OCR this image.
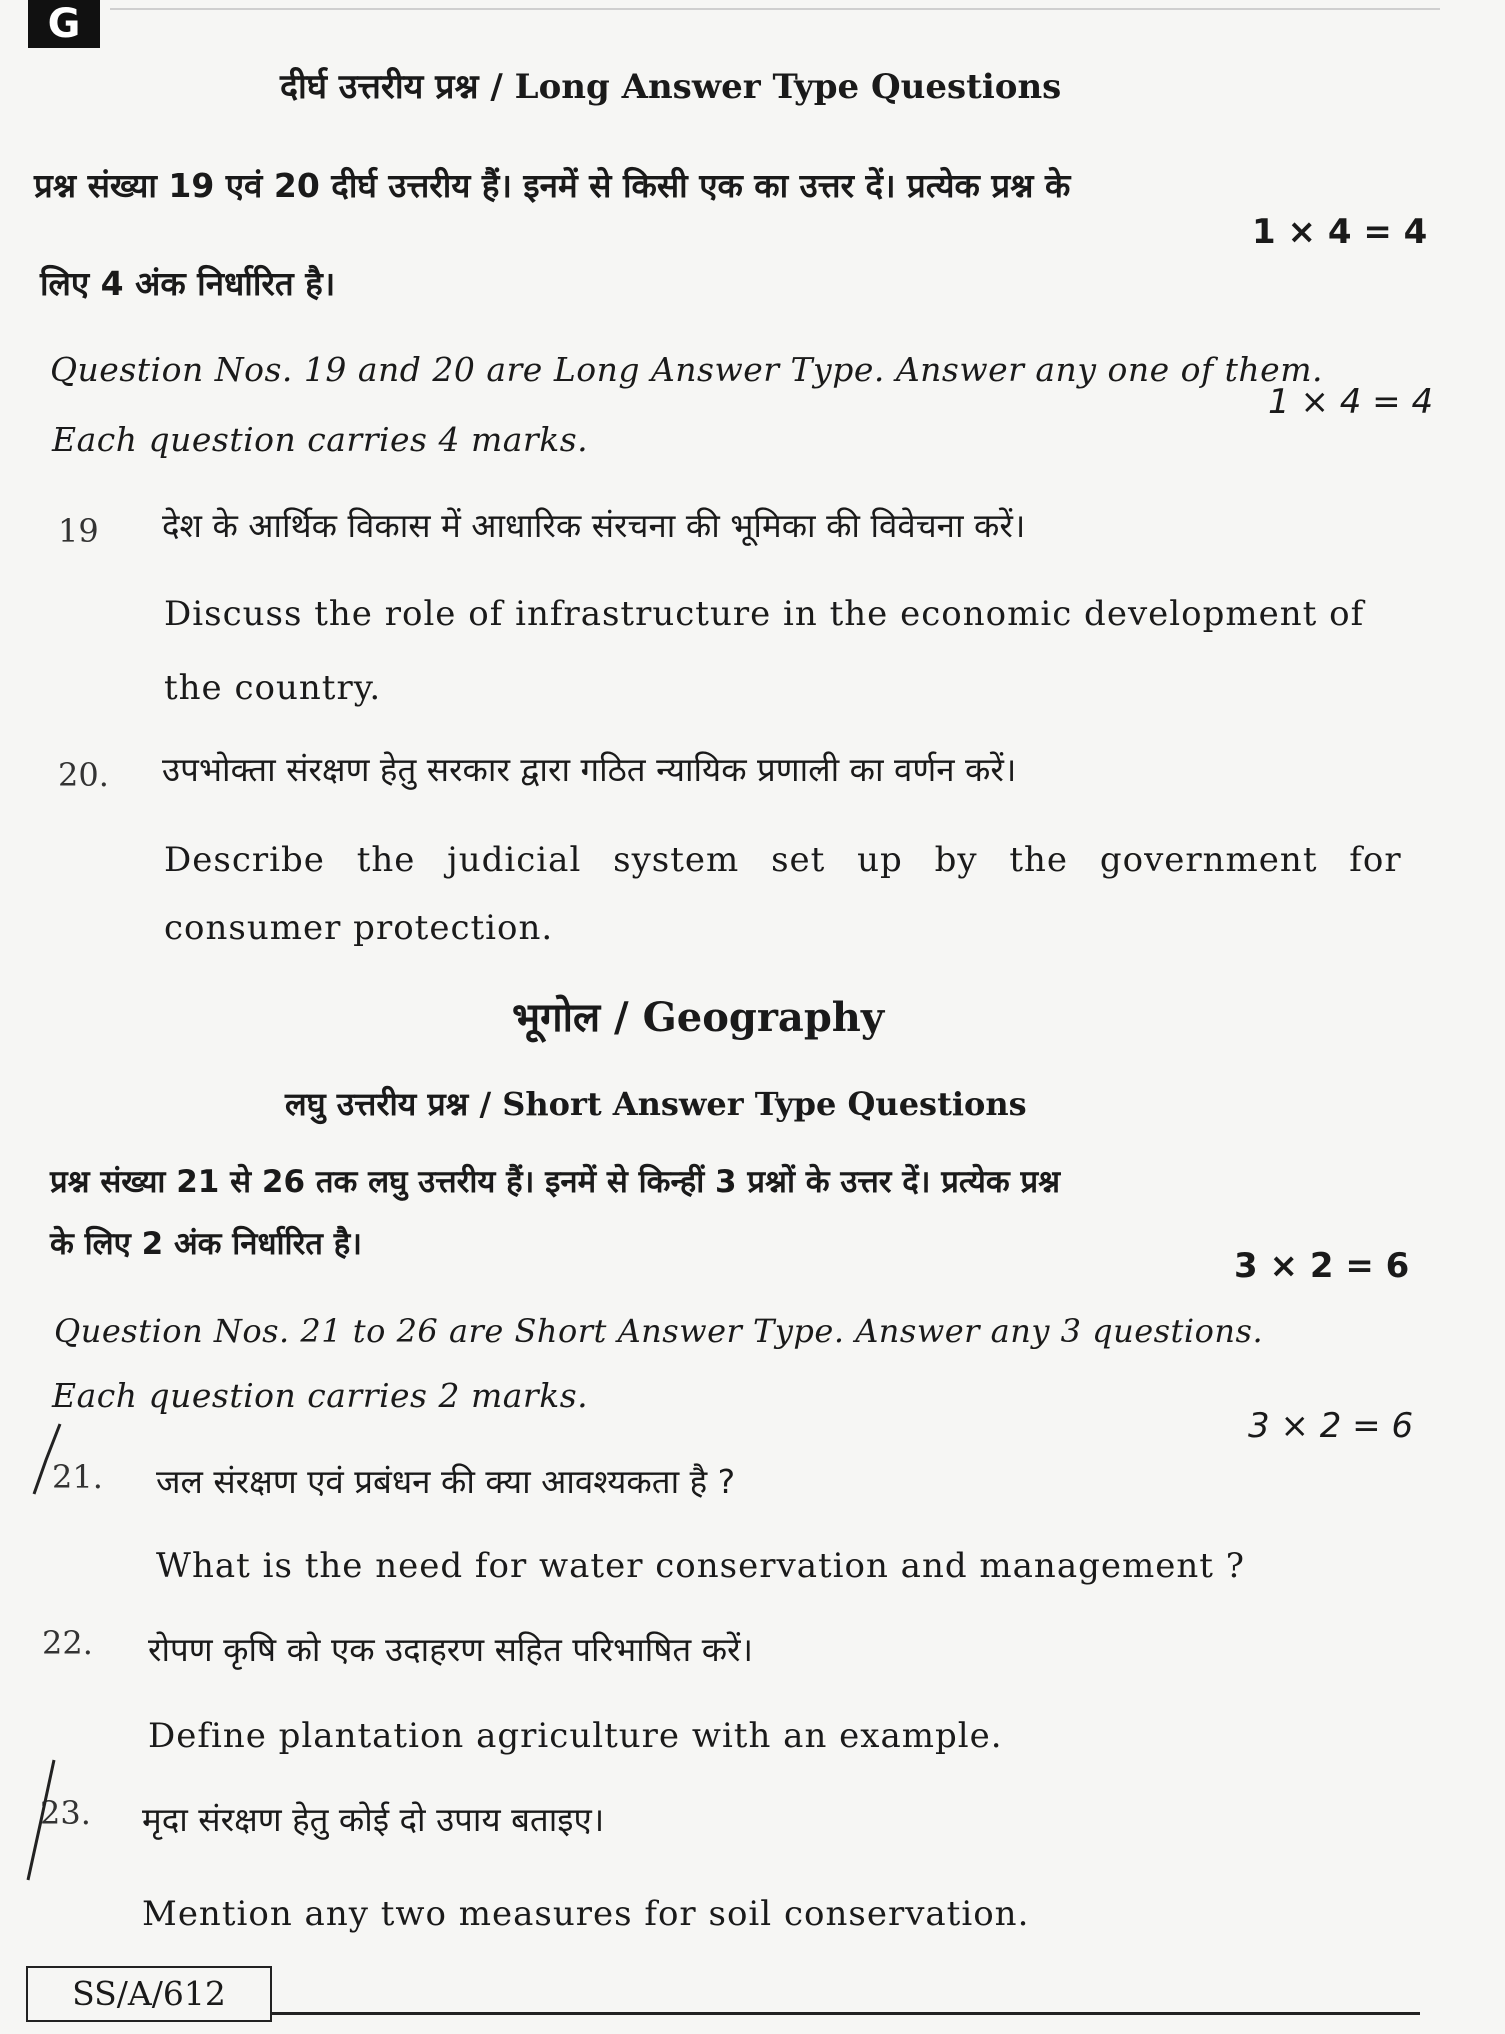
G
दीर्घ उत्तरीय प्रश्न / Long Answer Type Questions
प्रश्न संख्या 19 एवं 20 दीर्घ उत्तरीय हैं। इनमें से किसी एक का उत्तर दें। प्रत्येक प्रश्न के
1 × 4 = 4
लिए 4 अंक निर्धारित है।
Question Nos. 19 and 20 are Long Answer Type. Answer any one of them.
1 × 4 = 4
Each question carries 4 marks.
19 देश के आर्थिक विकास में आधारिक संरचना की भूमिका की विवेचना करें।
Discuss the role of infrastructure in the economic development of
the country.
20. उपभोक्ता संरक्षण हेतु सरकार द्वारा गठित न्यायिक प्रणाली का वर्णन करें।
Describe the judicial system set up by the government for
consumer protection.
भूगोल / Geography
लघु उत्तरीय प्रश्न / Short Answer Type Questions
प्रश्न संख्या 21 से 26 तक लघु उत्तरीय हैं। इनमें से किन्हीं 3 प्रश्नों के उत्तर दें। प्रत्येक प्रश्न
के लिए 2 अंक निर्धारित है।
3 × 2 = 6
Question Nos. 21 to 26 are Short Answer Type. Answer any 3 questions.
Each question carries 2 marks.
3 × 2 = 6
21. जल संरक्षण एवं प्रबंधन की क्या आवश्यकता है ?
What is the need for water conservation and management ?
22. रोपण कृषि को एक उदाहरण सहित परिभाषित करें।
Define plantation agriculture with an example.
23. मृदा संरक्षण हेतु कोई दो उपाय बताइए।
Mention any two measures for soil conservation.
SS/A/612
